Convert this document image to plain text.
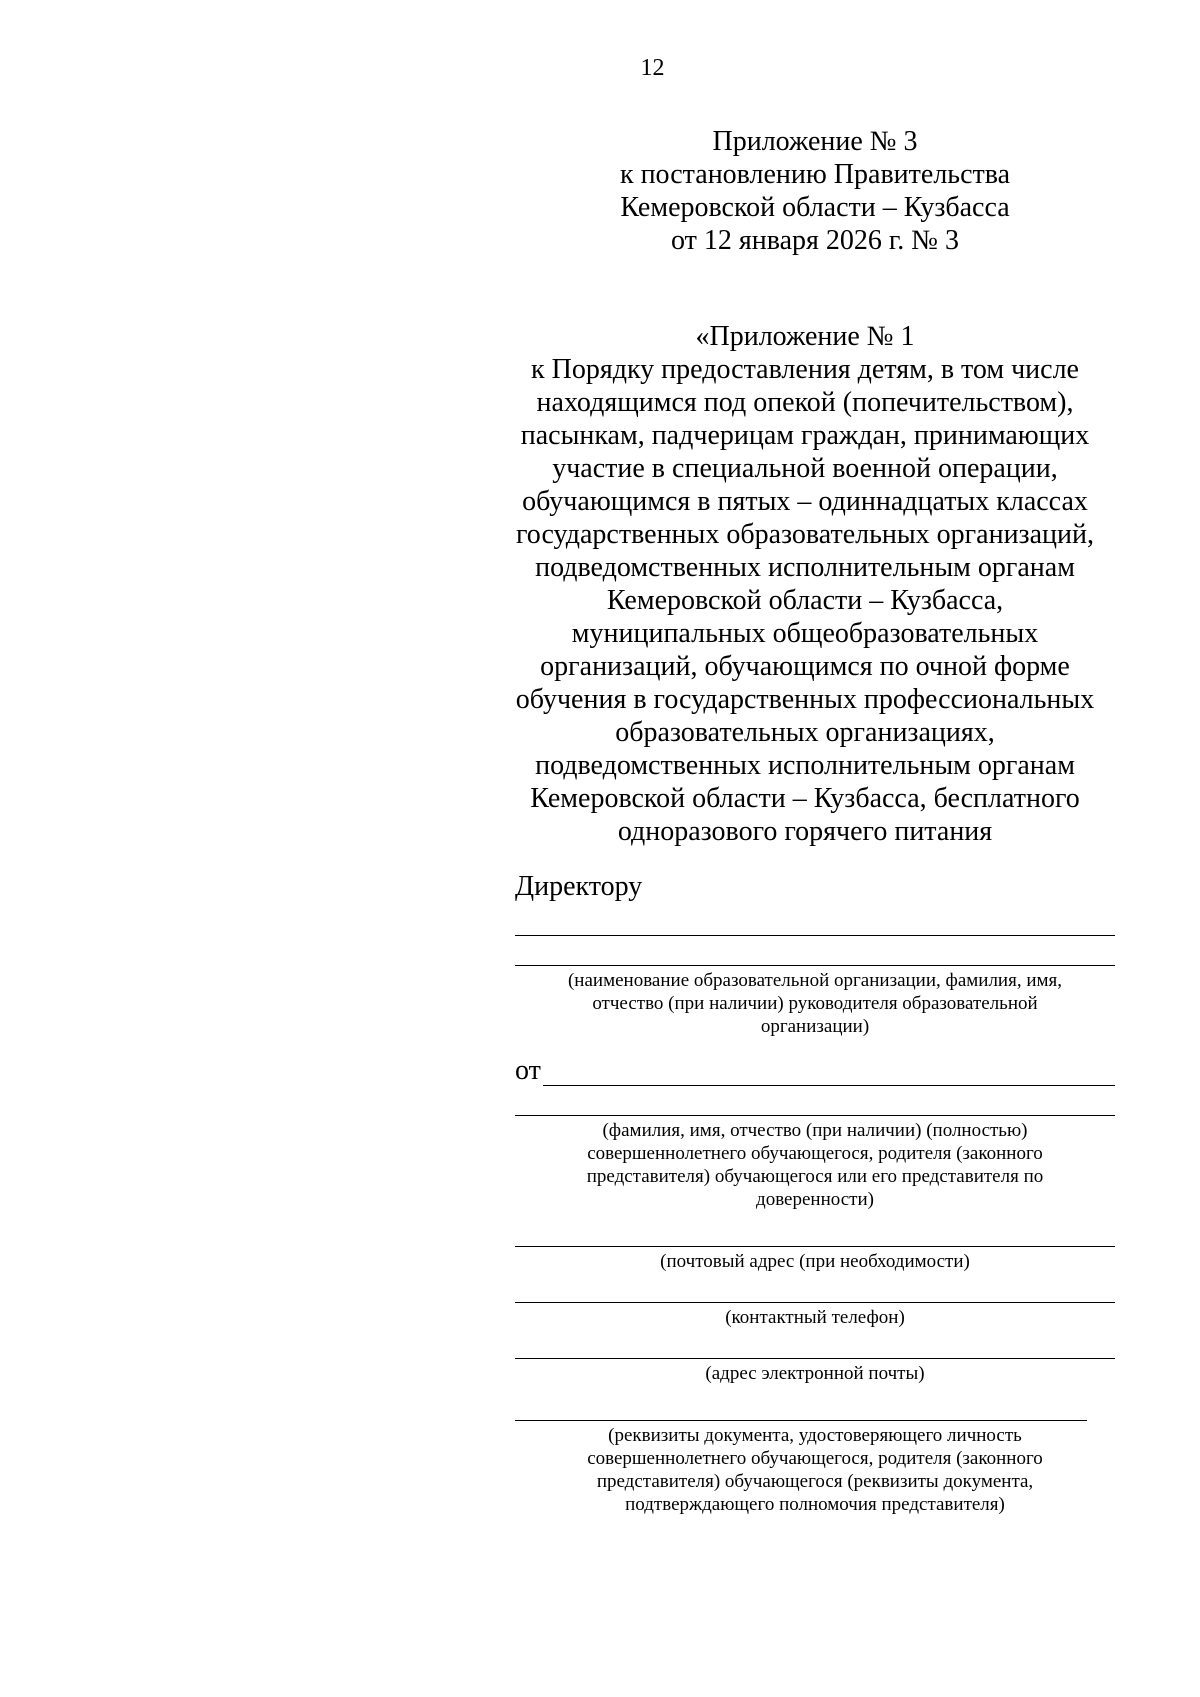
12
Приложение № 3
к постановлению Правительства
Кемеровской области – Кузбасса
от 12 января 2026 г. № 3
«Приложение № 1
к Порядку предоставления детям, в том числе
находящимся под опекой (попечительством),
пасынкам, падчерицам граждан, принимающих
участие в специальной военной операции,
обучающимся в пятых – одиннадцатых классах
государственных образовательных организаций,
подведомственных исполнительным органам
Кемеровской области – Кузбасса,
муниципальных общеобразовательных
организаций, обучающимся по очной форме
обучения в государственных профессиональных
образовательных организациях,
подведомственных исполнительным органам
Кемеровской области – Кузбасса, бесплатного
одноразового горячего питания
Директору
(наименование образовательной организации, фамилия, имя,
отчество (при наличии) руководителя образовательной
организации)
от
(фамилия, имя, отчество (при наличии) (полностью)
совершеннолетнего обучающегося, родителя (законного
представителя) обучающегося или его представителя по
доверенности)
(почтовый адрес (при необходимости)
(контактный телефон)
(адрес электронной почты)
(реквизиты документа, удостоверяющего личность
совершеннолетнего обучающегося, родителя (законного
представителя) обучающегося (реквизиты документа,
подтверждающего полномочия представителя)
